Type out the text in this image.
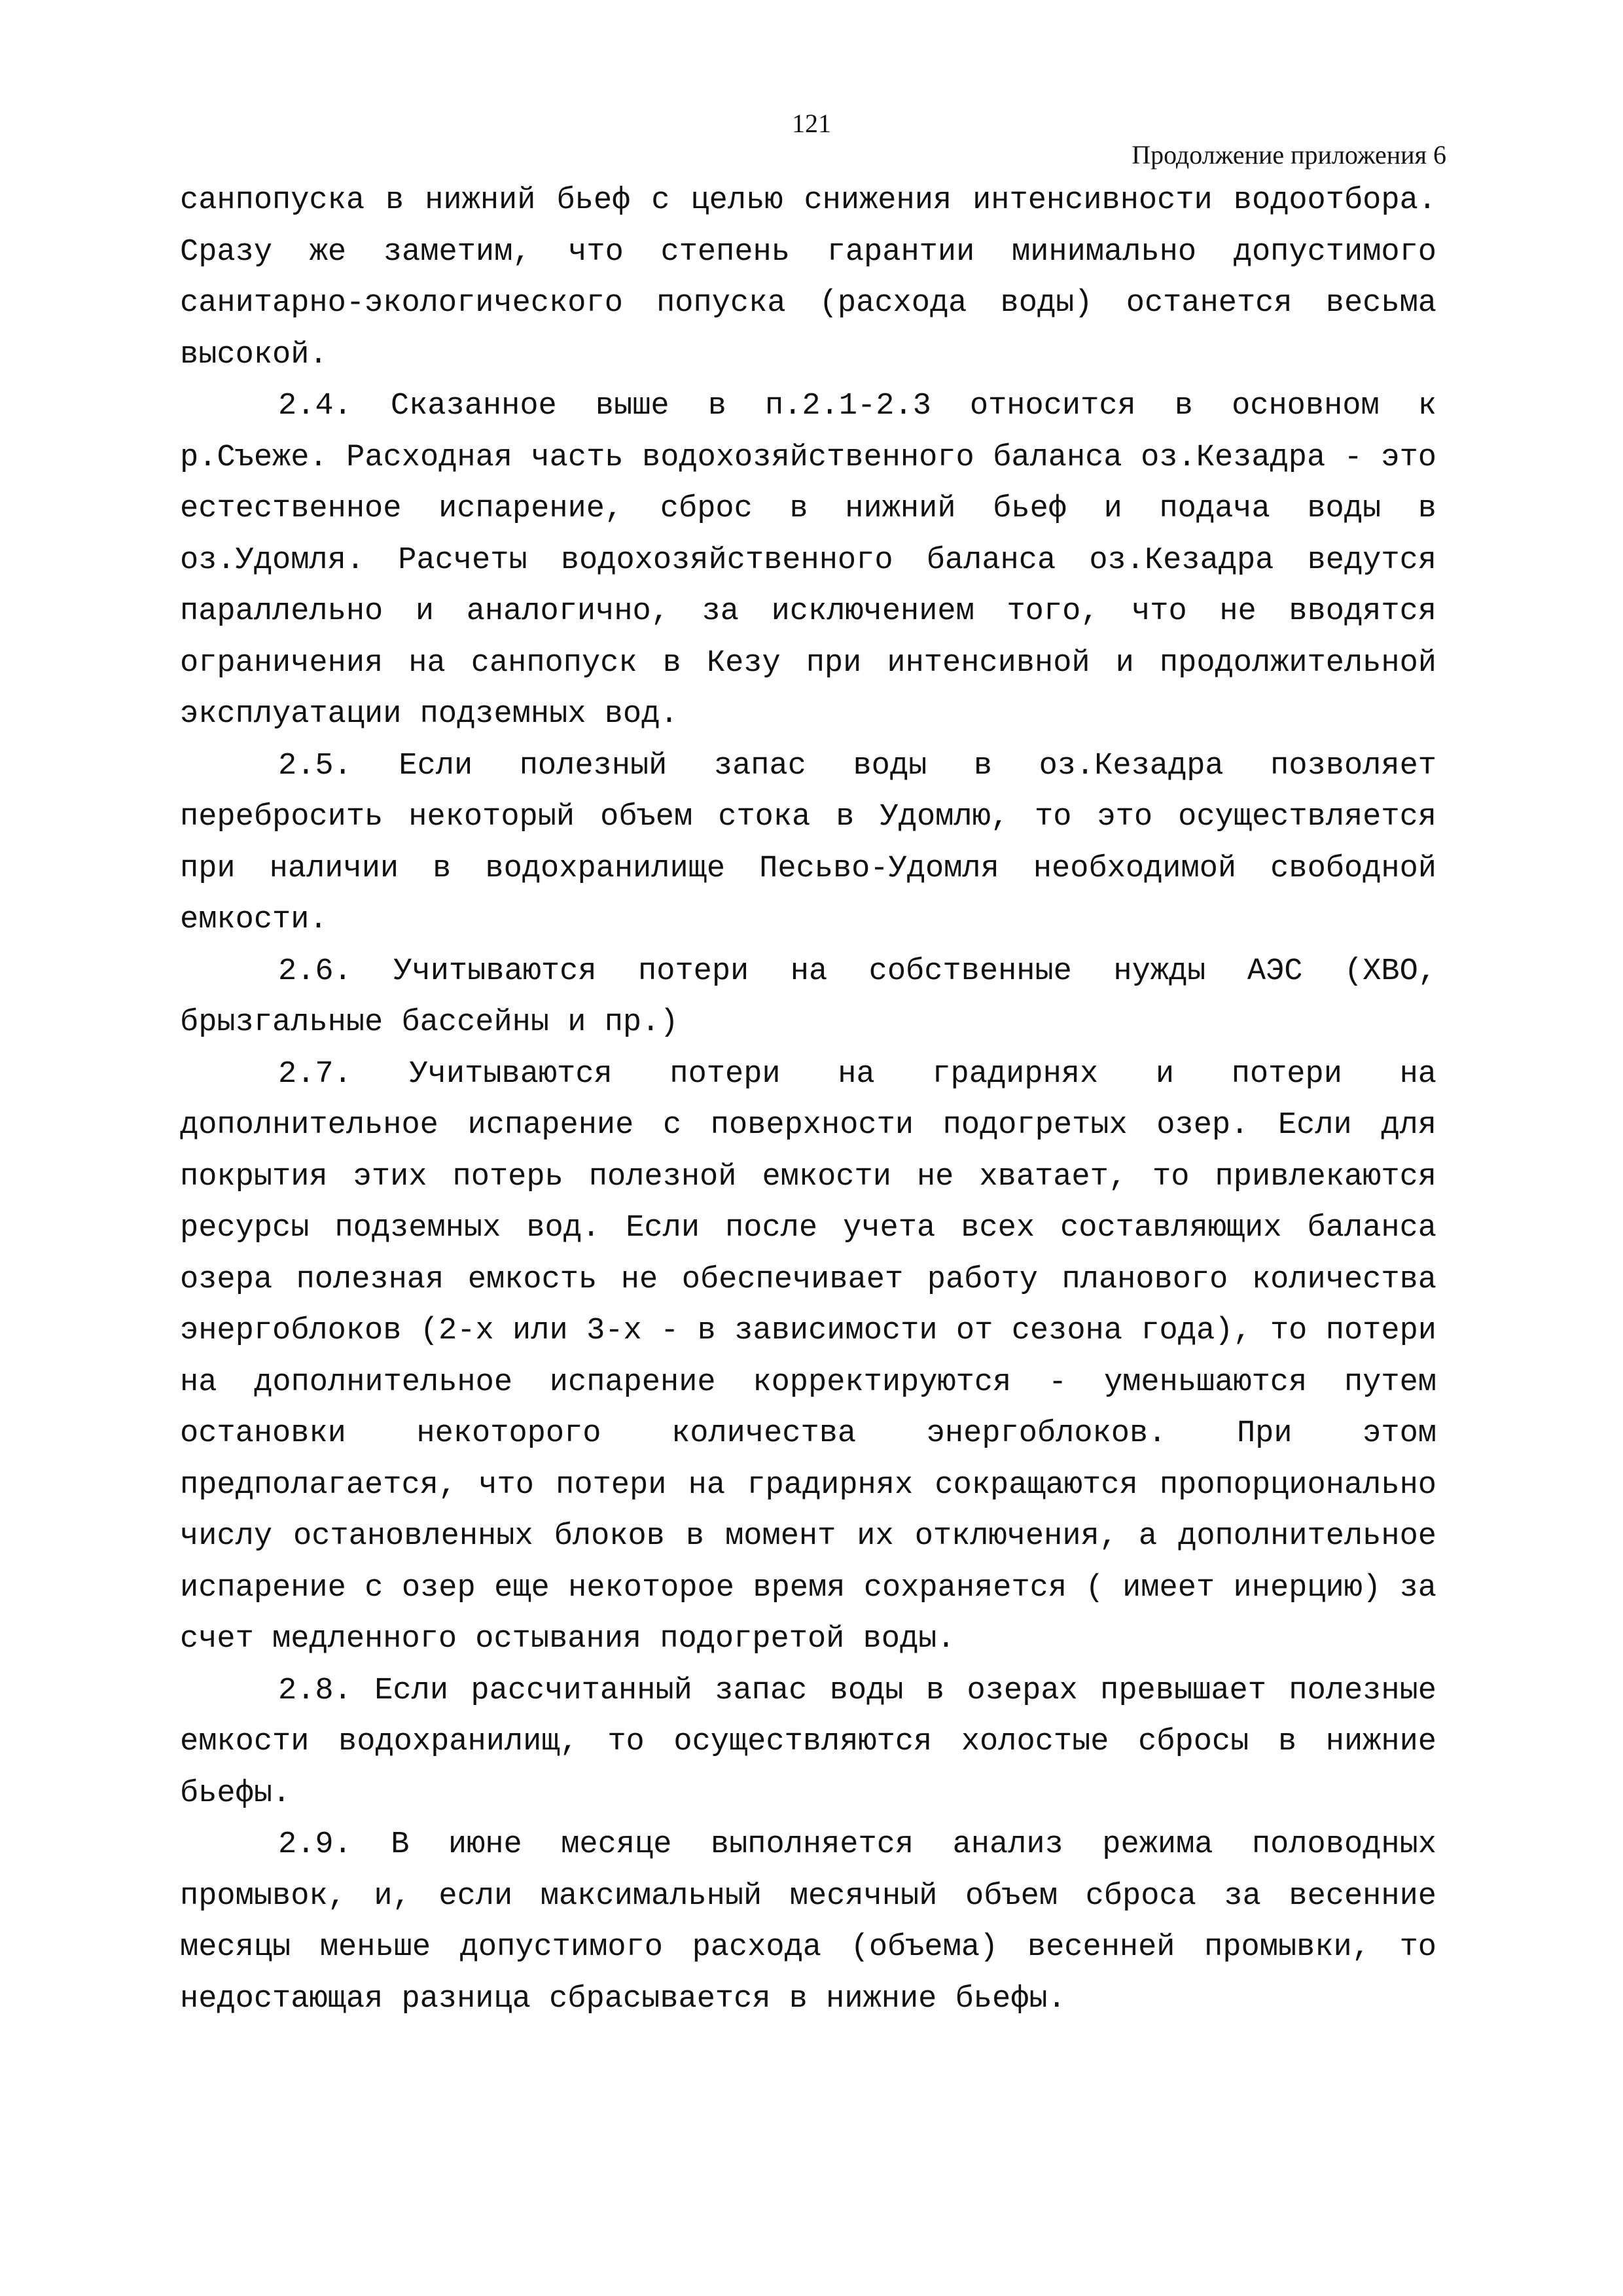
121
Продолжение приложения 6

санпопуска в нижний бьеф с целью снижения интенсивности водоотбора. Сразу же заметим, что степень гарантии минимально допустимого санитарно-экологического попуска (расхода воды) останется весьма высокой.

2.4. Сказанное выше в п.2.1-2.3 относится в основном к р.Съеже. Расходная часть водохозяйственного баланса оз.Кезадра - это естественное испарение, сброс в нижний бьеф и подача воды в оз.Удомля. Расчеты водохозяйственного баланса оз.Кезадра ведутся параллельно и аналогично, за исключением того, что не вводятся ограничения на санпопуск в Кезу при интенсивной и продолжительной эксплуатации подземных вод.

2.5. Если полезный запас воды в оз.Кезадра позволяет перебросить некоторый объем стока в Удомлю, то это осуществляется при наличии в водохранилище Песьво-Удомля необходимой свободной емкости.

2.6. Учитываются потери на собственные нужды АЭС (ХВО, брызгальные бассейны и пр.)

2.7. Учитываются потери на градирнях и потери на дополнительное испарение с поверхности подогретых озер. Если для покрытия этих потерь полезной емкости не хватает, то привлекаются ресурсы подземных вод. Если после учета всех составляющих баланса озера полезная емкость не обеспечивает работу планового количества энергоблоков (2-х или 3-х - в зависимости от сезона года), то потери на дополнительное испарение корректируются - уменьшаются путем остановки некоторого количества энергоблоков. При этом предполагается, что потери на градирнях сокращаются пропорционально числу остановленных блоков в момент их отключения, а дополнительное испарение с озер еще некоторое время сохраняется ( имеет инерцию) за счет медленного остывания подогретой воды.

2.8. Если рассчитанный запас воды в озерах превышает полезные емкости водохранилищ, то осуществляются холостые сбросы в нижние бьефы.

2.9. В июне месяце выполняется анализ режима половодных промывок, и, если максимальный месячный объем сброса за весенние месяцы меньше допустимого расхода (объема) весенней промывки, то недостающая разница сбрасывается в нижние бьефы.
